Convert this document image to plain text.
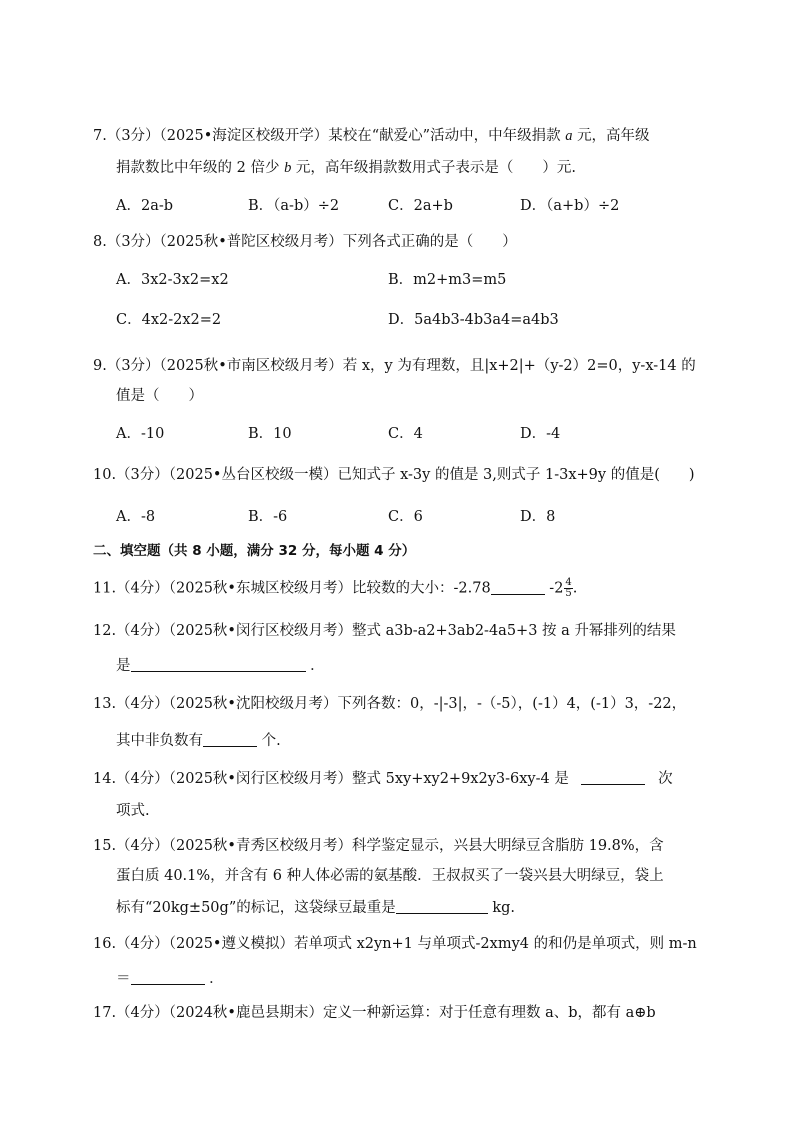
7.（3分）（2025•海淀区校级开学）某校在“献爱心”活动中，中年级捐款 a 元，高年级
捐款数比中年级的 2 倍少 b 元，高年级捐款数用式子表示是（　　）元.
A．2a-b	B．（a-b）÷2	C．2a+b	D．（a+b）÷2
8.（3分）（2025秋•普陀区校级月考）下列各式正确的是（　　）
A．3x2-3x2=x2	B．m2+m3=m5
C．4x2-2x2=2	D．5a4b3-4b3a4=a4b3
9.（3分）（2025秋•市南区校级月考）若 x，y 为有理数，且|x+2|+（y-2）2=0，y-x-14 的
值是（　　）
A．-10	B．10	C．4	D．-4
10.（3分）（2025•丛台区校级一模）已知式子 x-3y 的值是 3,则式子 1-3x+9y 的值是(　　)
A．-8	B．-6	C．6	D．8
二、填空题（共 8 小题，满分 32 分，每小题 4 分）
11.（4分）（2025秋•东城区校级月考）比较数的大小：-2.78	$-2 \frac{4}{5}$ .
12.（4分）（2025秋•闵行区校级月考）整式 a3b-a2+3ab2-4a5+3 按 a 升幂排列的结果
是	．
13.（4分）（2025秋•沈阳校级月考）下列各数：0，-|-3|，-（-5），(-1）4，(-1）3，-22，
其中非负数有	个.
14.（4分）（2025秋•闵行区校级月考）整式 5xy+xy2+9x2y3-6xy-4 是	次
项式.
15.（4分）（2025秋•青秀区校级月考）科学鉴定显示，兴县大明绿豆含脂肪 19.8%，含
蛋白质 40.1%，并含有 6 种人体必需的氨基酸．王叔叔买了一袋兴县大明绿豆，袋上
标有“20kg±50g”的标记，这袋绿豆最重是	kg.
16.（4分）（2025•遵义模拟）若单项式 x2yn+1 与单项式-2xmy4 的和仍是单项式，则 m-n
＝	．
17.（4分）（2024秋•鹿邑县期末）定义一种新运算：对于任意有理数 a、b，都有 a⊕b
